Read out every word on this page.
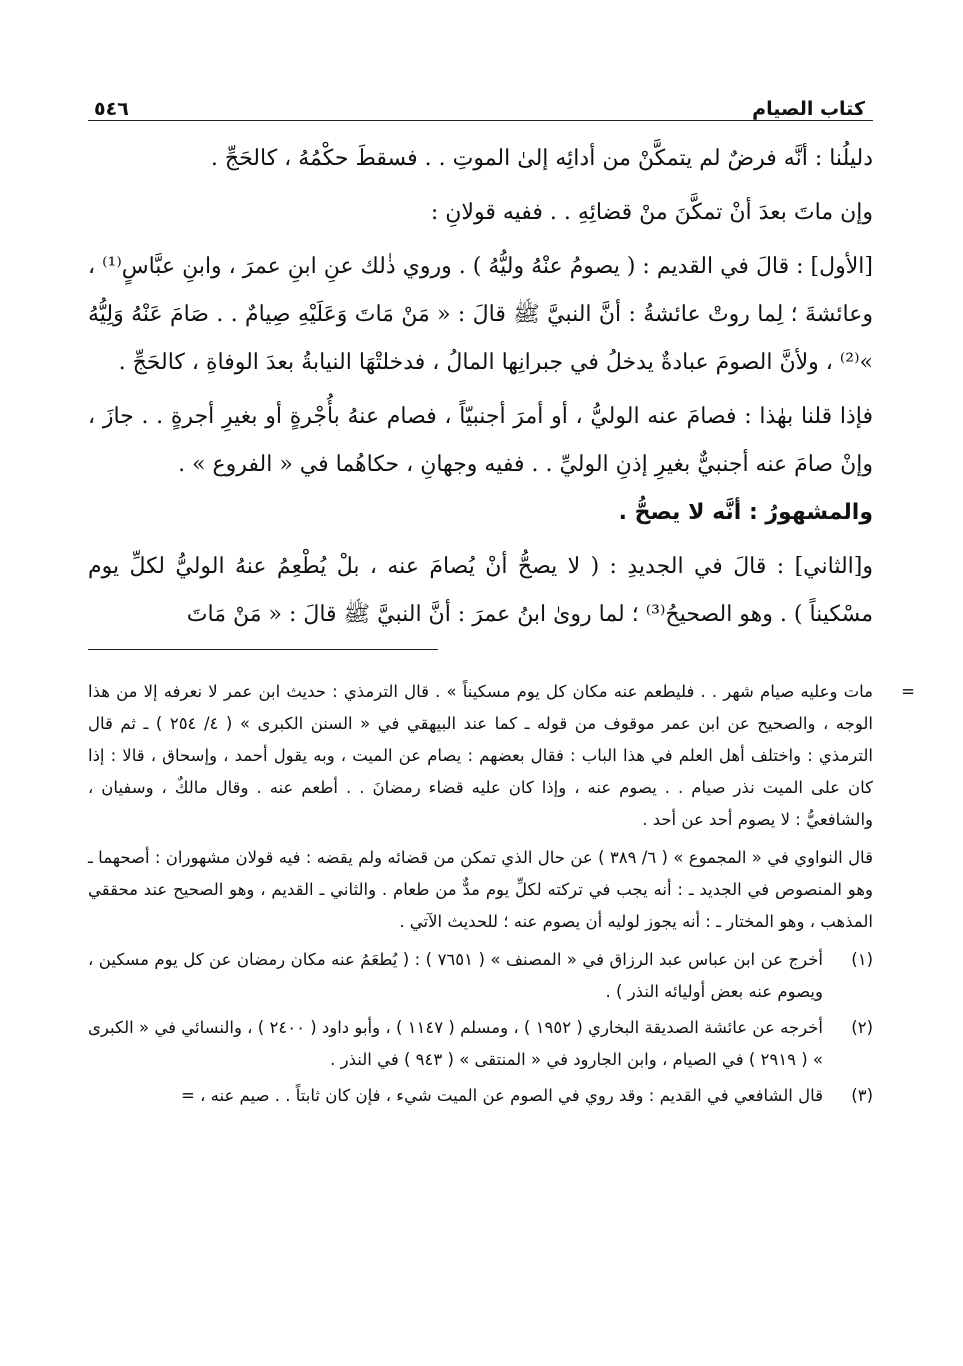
كتاب الصيام
٥٤٦

دليلُنا : أنَّه فرضٌ لم يتمكَّنْ من أدائِه إلىٰ الموتِ . . فسقطَ حكْمُهُ ، كالحَجِّ .

وإن ماتَ بعدَ أنْ تمكَّنَ منْ قضائِهِ . . ففيه قولانِ :

[الأول] : قالَ في القديم : ( يصومُ عنْهُ وليُّهُ ) . وروي ذٰلك عنِ ابنِ عمرَ ، وابنِ عبَّاسٍ⁽¹⁾ ، وعائشةَ ؛ لِما روتْ عائشةُ : أنَّ النبيَّ ﷺ قالَ : « مَنْ مَاتَ وَعَلَيْهِ صِيامٌ . . صَامَ عَنْهُ وَلِيُّهُ »⁽²⁾ ، ولأنَّ الصومَ عبادةٌ يدخلُ في جبرانِها المالُ ، فدخلتْهَا النيابةُ بعدَ الوفاةِ ، كالحَجِّ .

فإذا قلنا بهٰذا : فصامَ عنه الوليُّ ، أو أمرَ أجنبيّاً ، فصام عنهُ بأُجْرةٍ أو بغيرِ أجرةٍ . . جازَ ، وإنْ صامَ عنه أجنبيٌّ بغيرِ إذنِ الوليِّ . . ففيه وجهانِ ، حكاهُما في « الفروع » .
والمشهورُ : أنَّه لا يصحُّ .

و[الثاني] : قالَ في الجديدِ : ( لا يصحُّ أنْ يُصامَ عنه ، بلْ يُطْعِمُ عنهُ الوليُّ لكلِّ يوم مسْكيناً ) . وهو الصحيحُ⁽³⁾ ؛ لما روىٰ ابنُ عمرَ : أنَّ النبيَّ ﷺ قالَ : « مَنْ مَاتَ

=
مات وعليه صيام شهر . . فليطعم عنه مكان كل يوم مسكيناً » . قال الترمذي : حديث ابن عمر لا نعرفه إلا من هذا الوجه ، والصحيح عن ابن عمر موقوف من قوله ـ كما عند البيهقي في « السنن الكبرى » ( ٤/ ٢٥٤ ) ـ ثم قال الترمذي : واختلف أهل العلم في هذا الباب : فقال بعضهم : يصام عن الميت ، وبه يقول أحمد ، وإسحاق ، قالا : إذا كان على الميت نذر صيام . . يصوم عنه ، وإذا كان عليه قضاء رمضانَ . . أطعم عنه . وقال مالكٌ ، وسفيان ، والشافعيُّ : لا يصوم أحد عن أحد .

قال النواوي في « المجموع » ( ٦/ ٣٨٩ ) عن حال الذي تمكن من قضائه ولم يقضه : فيه قولان مشهوران : أصحهما ـ وهو المنصوص في الجديد ـ : أنه يجب في تركته لكلِّ يوم مدٌّ من طعام . والثاني ـ القديم ، وهو الصحيح عند محققي المذهب ، وهو المختار ـ : أنه يجوز لوليه أن يصوم عنه ؛ للحديث الآتي .

(١)
أخرج عن ابن عباس عبد الرزاق في « المصنف » ( ٧٦٥١ ) : ( يُطعَمُ عنه مكان رمضان عن كل يوم مسكين ، ويصوم عنه بعض أوليائه النذر ) .
(٢)
أخرجه عن عائشة الصديقة البخاري ( ١٩٥٢ ) ، ومسلم ( ١١٤٧ ) ، وأبو داود ( ٢٤٠٠ ) ، والنسائي في « الكبرى » ( ٢٩١٩ ) في الصيام ، وابن الجارود في « المنتقى » ( ٩٤٣ ) في النذر .
(٣)
قال الشافعي في القديم : وقد روي في الصوم عن الميت شيء ، فإن كان ثابتاً . . صيم عنه ، =
